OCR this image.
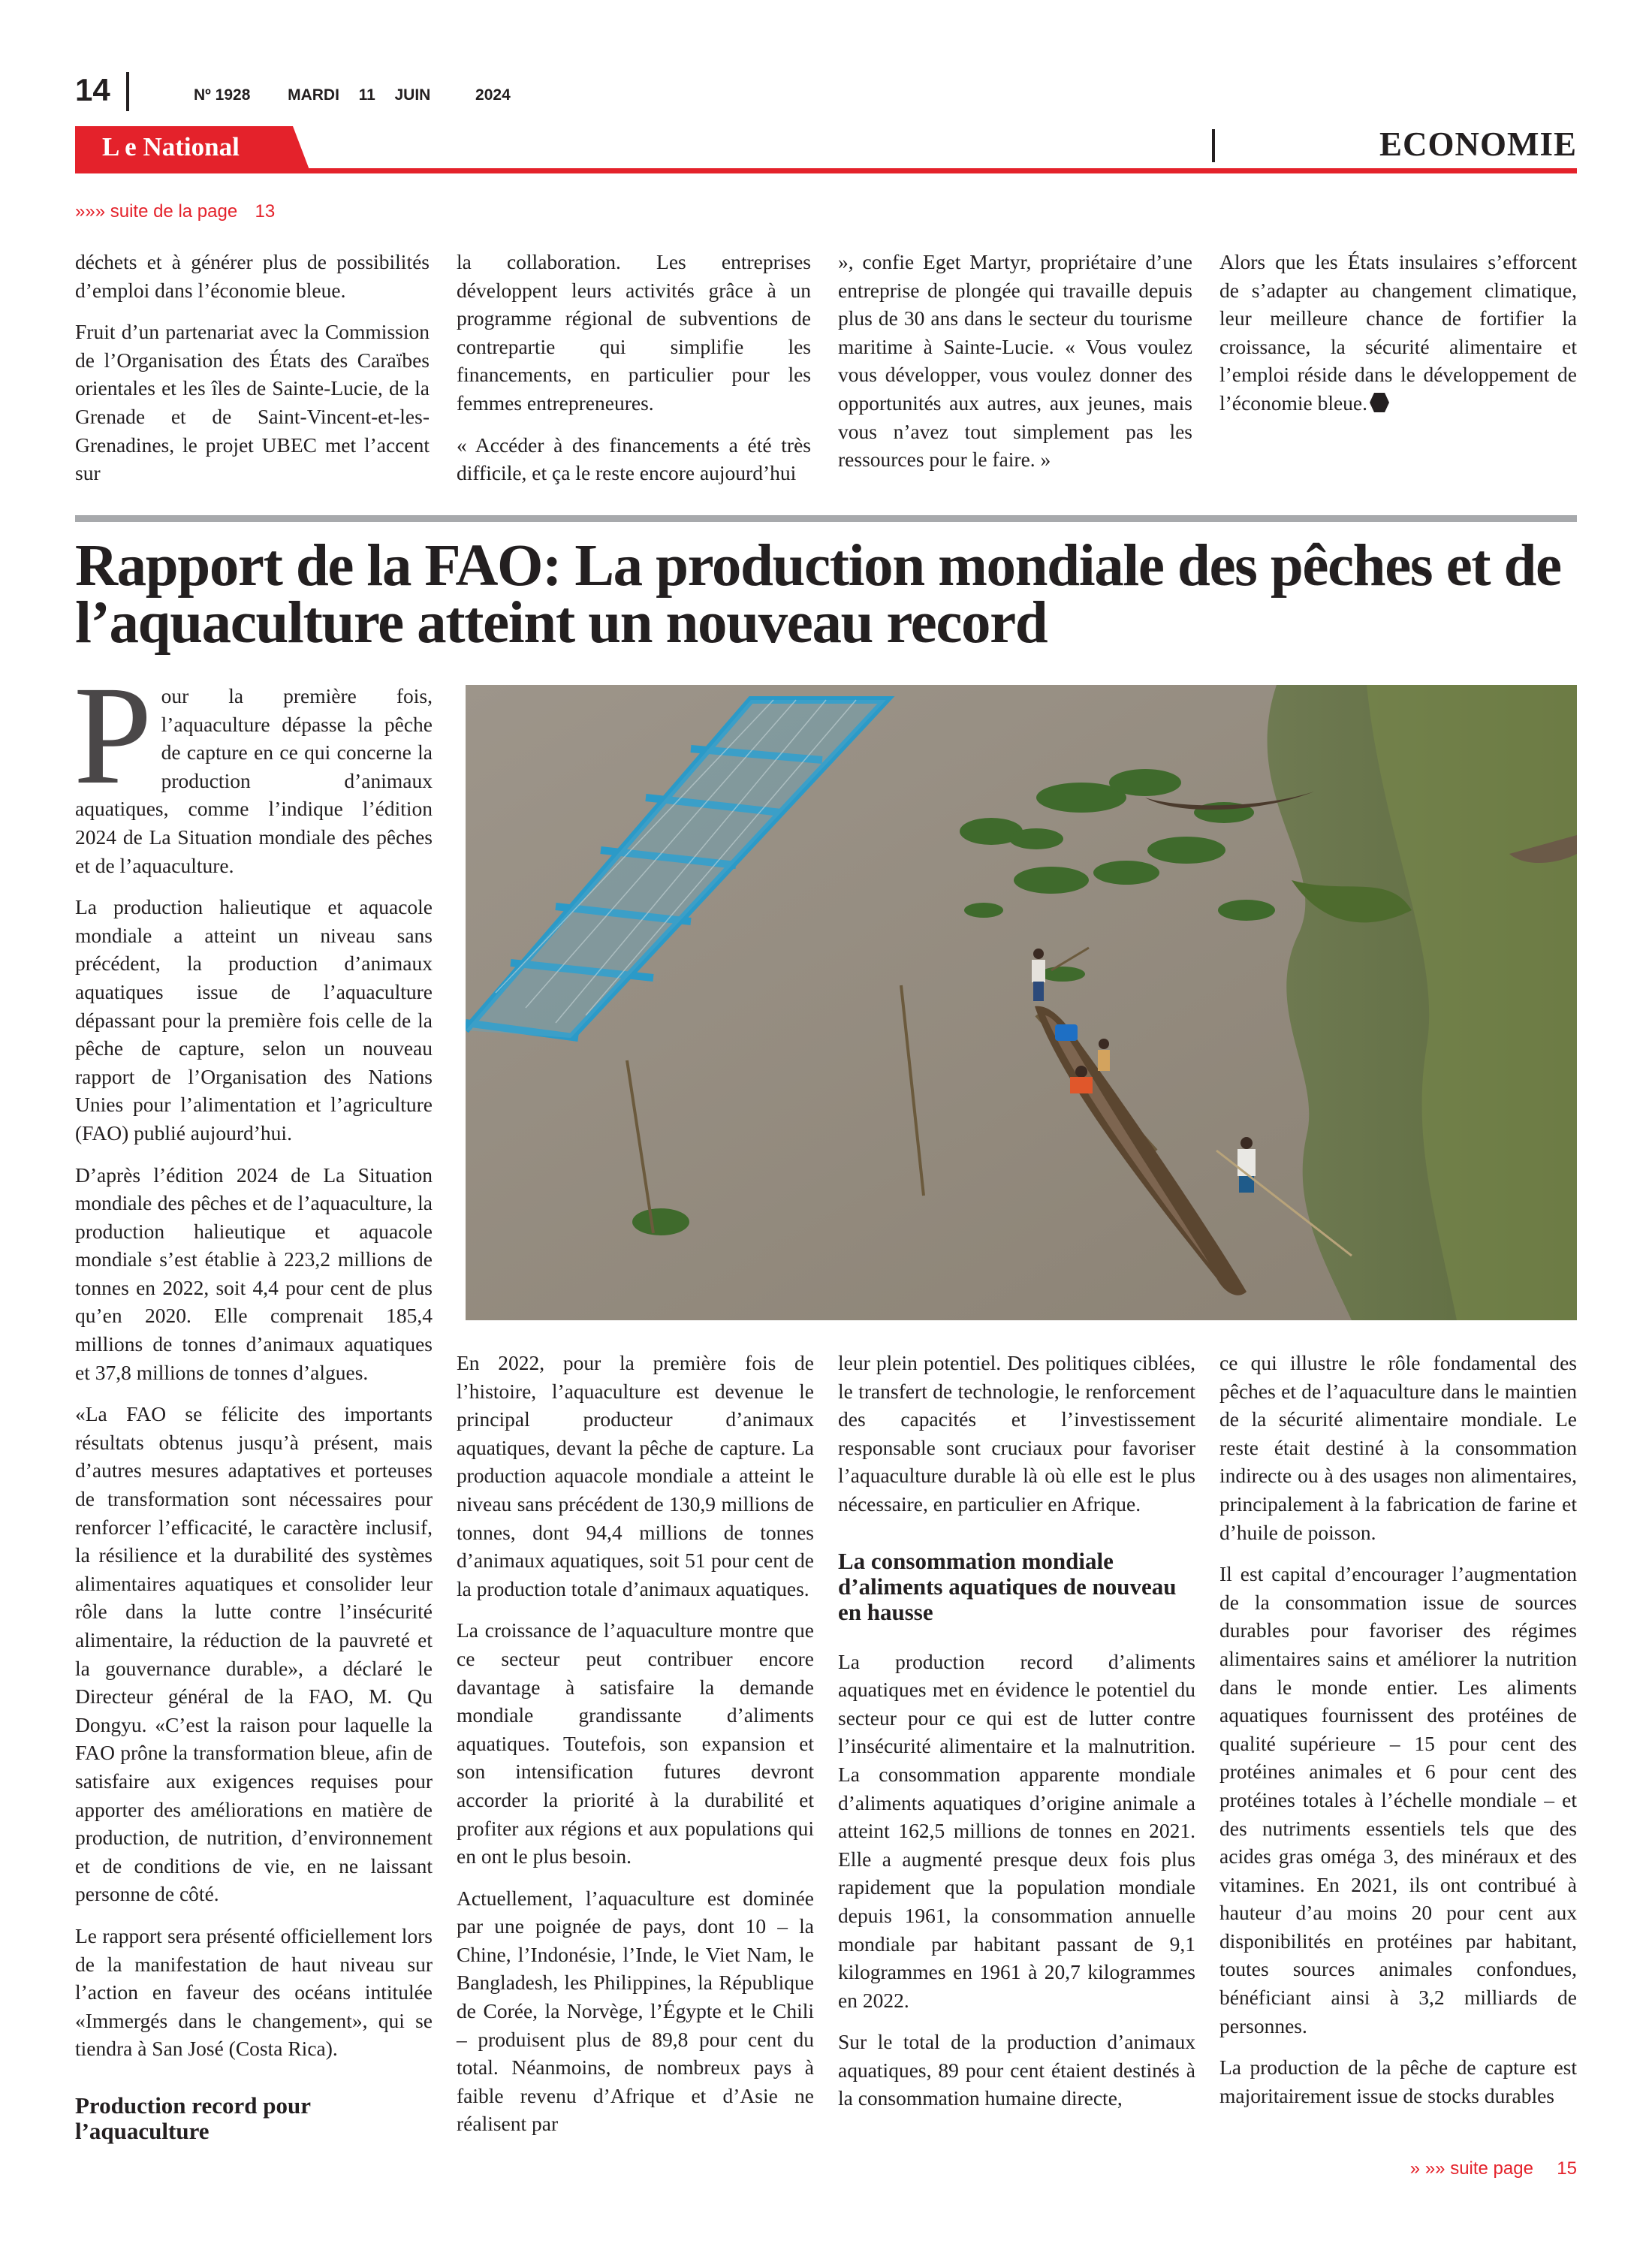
14	Nº 1928 MARDI 11 JUIN	2024
L e National	ECONOMIE
»»» suite de la page 13

déchets et à générer plus de possibilités d’emploi dans l’économie bleue.

Fruit d’un partenariat avec la Commission de l’Organisation des États des Caraïbes orientales et les îles de Sainte-Lucie, de la Grenade et de Saint-Vincent-et-les-Grenadines, le projet UBEC met l’accent sur

la collaboration. Les entreprises développent leurs activités grâce à un programme régional de subventions de contrepartie qui simplifie les financements, en particulier pour les femmes entrepreneures.

« Accéder à des financements a été très difficile, et ça le reste encore aujourd’hui

», confie Eget Martyr, propriétaire d’une entreprise de plongée qui travaille depuis plus de 30 ans dans le secteur du tourisme maritime à Sainte-Lucie. « Vous voulez vous développer, vous voulez donner des opportunités aux autres, aux jeunes, mais vous n’avez tout simplement pas les ressources pour le faire. »

Alors que les États insulaires s’efforcent de s’adapter au changement climatique, leur meilleure chance de fortifier la croissance, la sécurité alimentaire et l’emploi réside dans le développement de l’économie bleue.

Rapport de la FAO: La production mondiale des pêches et de l’aquaculture atteint un nouveau record

Pour la première fois, l’aquaculture dépasse la pêche de capture en ce qui concerne la production d’animaux aquatiques, comme l’indique l’édition 2024 de La Situation mondiale des pêches et de l’aquaculture.

La production halieutique et aquacole mondiale a atteint un niveau sans précédent, la production d’animaux aquatiques issue de l’aquaculture dépassant pour la première fois celle de la pêche de capture, selon un nouveau rapport de l’Organisation des Nations Unies pour l’alimentation et l’agriculture (FAO) publié aujourd’hui.

D’après l’édition 2024 de La Situation mondiale des pêches et de l’aquaculture, la production halieutique et aquacole mondiale s’est établie à 223,2 millions de tonnes en 2022, soit 4,4 pour cent de plus qu’en 2020. Elle comprenait 185,4 millions de tonnes d’animaux aquatiques et 37,8 millions de tonnes d’algues.

«La FAO se félicite des importants résultats obtenus jusqu’à présent, mais d’autres mesures adaptatives et porteuses de transformation sont nécessaires pour renforcer l’efficacité, le caractère inclusif, la résilience et la durabilité des systèmes alimentaires aquatiques et consolider leur rôle dans la lutte contre l’insécurité alimentaire, la réduction de la pauvreté et la gouvernance durable», a déclaré le Directeur général de la FAO, M. Qu Dongyu. «C’est la raison pour laquelle la FAO prône la transformation bleue, afin de satisfaire aux exigences requises pour apporter des améliorations en matière de production, de nutrition, d’environnement et de conditions de vie, en ne laissant personne de côté.

Le rapport sera présenté officiellement lors de la manifestation de haut niveau sur l’action en faveur des océans intitulée «Immergés dans le changement», qui se tiendra à San José (Costa Rica).

Production record pour l’aquaculture

En 2022, pour la première fois de l’histoire, l’aquaculture est devenue le principal producteur d’animaux aquatiques, devant la pêche de capture. La production aquacole mondiale a atteint le niveau sans précédent de 130,9 millions de tonnes, dont 94,4 millions de tonnes d’animaux aquatiques, soit 51 pour cent de la production totale d’animaux aquatiques.

La croissance de l’aquaculture montre que ce secteur peut contribuer encore davantage à satisfaire la demande mondiale grandissante d’aliments aquatiques. Toutefois, son expansion et son intensification futures devront accorder la priorité à la durabilité et profiter aux régions et aux populations qui en ont le plus besoin.

Actuellement, l’aquaculture est dominée par une poignée de pays, dont 10 – la Chine, l’Indonésie, l’Inde, le Viet Nam, le Bangladesh, les Philippines, la République de Corée, la Norvège, l’Égypte et le Chili – produisent plus de 89,8 pour cent du total. Néanmoins, de nombreux pays à faible revenu d’Afrique et d’Asie ne réalisent par

leur plein potentiel. Des politiques ciblées, le transfert de technologie, le renforcement des capacités et l’investissement responsable sont cruciaux pour favoriser l’aquaculture durable là où elle est le plus nécessaire, en particulier en Afrique.

La consommation mondiale d’aliments aquatiques de nouveau en hausse

La production record d’aliments aquatiques met en évidence le potentiel du secteur pour ce qui est de lutter contre l’insécurité alimentaire et la malnutrition. La consommation apparente mondiale d’aliments aquatiques d’origine animale a atteint 162,5 millions de tonnes en 2021. Elle a augmenté presque deux fois plus rapidement que la population mondiale depuis 1961, la consommation annuelle mondiale par habitant passant de 9,1 kilogrammes en 1961 à 20,7 kilogrammes en 2022.

Sur le total de la production d’animaux aquatiques, 89 pour cent étaient destinés à la consommation humaine directe,

ce qui illustre le rôle fondamental des pêches et de l’aquaculture dans le maintien de la sécurité alimentaire mondiale. Le reste était destiné à la consommation indirecte ou à des usages non alimentaires, principalement à la fabrication de farine et d’huile de poisson.

Il est capital d’encourager l’augmentation de la consommation issue de sources durables pour favoriser des régimes alimentaires sains et améliorer la nutrition dans le monde entier. Les aliments aquatiques fournissent des protéines de qualité supérieure – 15 pour cent des protéines animales et 6 pour cent des protéines totales à l’échelle mondiale – et des nutriments essentiels tels que des acides gras oméga 3, des minéraux et des vitamines. En 2021, ils ont contribué à hauteur d’au moins 20 pour cent aux disponibilités en protéines par habitant, toutes sources animales confondues, bénéficiant ainsi à 3,2 milliards de personnes.

La production de la pêche de capture est majoritairement issue de stocks durables

» »» suite page 15
